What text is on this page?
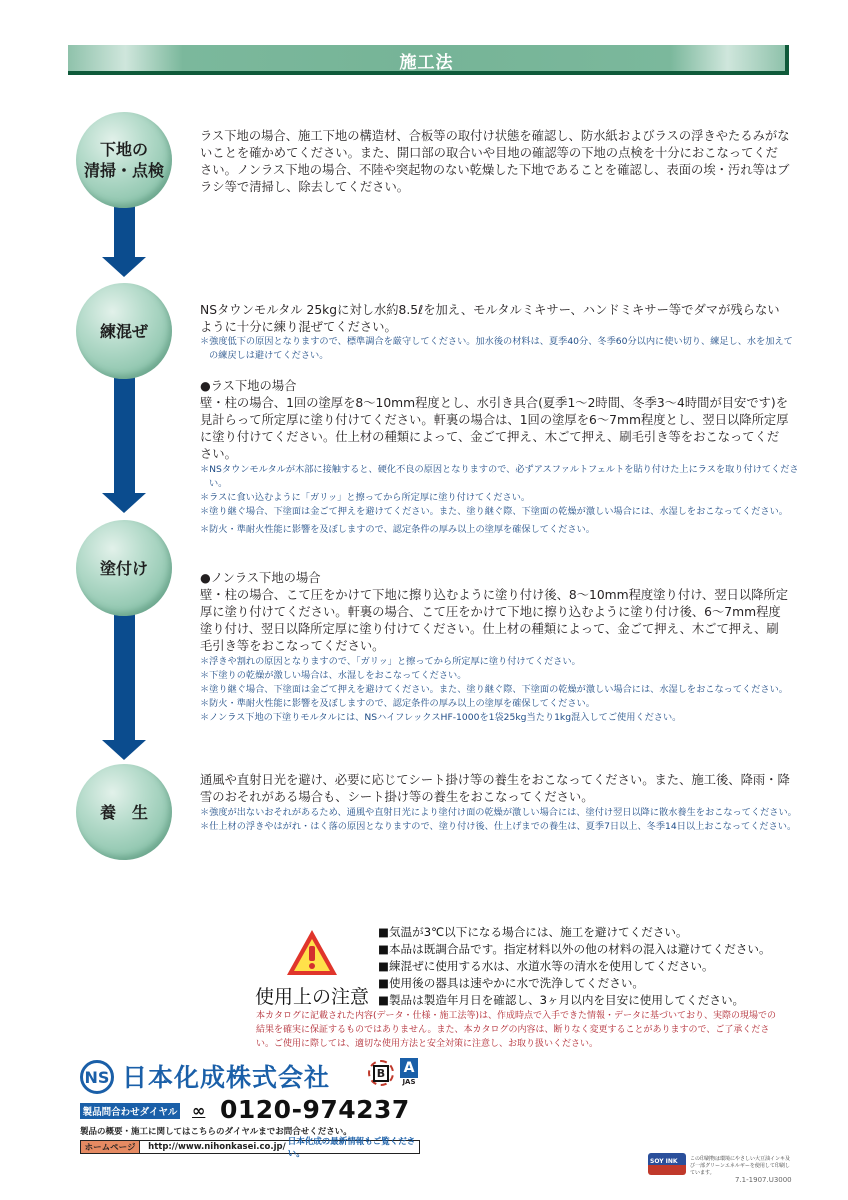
施工法
下地の
清掃・点検
ラス下地の場合、施工下地の構造材、合板等の取付け状態を確認し、防水紙およびラスの浮きやたるみがないことを確かめてください。また、開口部の取合いや目地の確認等の下地の点検を十分におこなってください。ノンラス下地の場合、不陸や突起物のない乾燥した下地であることを確認し、表面の埃・汚れ等はブラシ等で清掃し、除去してください。
練混ぜ
NSタウンモルタル 25kgに対し水約8.5ℓを加え、モルタルミキサー、ハンドミキサー等でダマが残らないように十分に練り混ぜてください。
＊強度低下の原因となりますので、標準調合を厳守してください。加水後の材料は、夏季40分、冬季60分以内に使い切り、練足し、水を加えての練戻しは避けてください。
塗付け
●ラス下地の場合
壁・柱の場合、1回の塗厚を8〜10mm程度とし、水引き具合(夏季1〜2時間、冬季3〜4時間が目安です)を見計らって所定厚に塗り付けてください。軒裏の場合は、1回の塗厚を6〜7mm程度とし、翌日以降所定厚に塗り付けてください。仕上材の種類によって、金ごて押え、木ごて押え、刷毛引き等をおこなってください。
＊NSタウンモルタルが木部に接触すると、硬化不良の原因となりますので、必ずアスファルトフェルトを貼り付けた上にラスを取り付けてください。
＊ラスに食い込むように「ガリッ」と擦ってから所定厚に塗り付けてください。
＊塗り継ぐ場合、下塗面は金ごて押えを避けてください。また、塗り継ぐ際、下塗面の乾燥が激しい場合には、水湿しをおこなってください。
＊防火・準耐火性能に影響を及ぼしますので、認定条件の厚み以上の塗厚を確保してください。
●ノンラス下地の場合
壁・柱の場合、こて圧をかけて下地に擦り込むように塗り付け後、8〜10mm程度塗り付け、翌日以降所定厚に塗り付けてください。軒裏の場合、こて圧をかけて下地に擦り込むように塗り付け後、6〜7mm程度塗り付け、翌日以降所定厚に塗り付けてください。仕上材の種類によって、金ごて押え、木ごて押え、刷毛引き等をおこなってください。
＊浮きや割れの原因となりますので、「ガリッ」と擦ってから所定厚に塗り付けてください。
＊下塗りの乾燥が激しい場合は、水湿しをおこなってください。
＊塗り継ぐ場合、下塗面は金ごて押えを避けてください。また、塗り継ぐ際、下塗面の乾燥が激しい場合には、水湿しをおこなってください。
＊防火・準耐火性能に影響を及ぼしますので、認定条件の厚み以上の塗厚を確保してください。
＊ノンラス下地の下塗りモルタルには、NSハイフレックスHF-1000を1袋25kg当たり1kg混入してご使用ください。
養　生
通風や直射日光を避け、必要に応じてシート掛け等の養生をおこなってください。また、施工後、降雨・降雪のおそれがある場合も、シート掛け等の養生をおこなってください。
＊強度が出ないおそれがあるため、通風や直射日光により塗付け面の乾燥が激しい場合には、塗付け翌日以降に散水養生をおこなってください。
＊仕上材の浮きやはがれ・はく落の原因となりますので、塗り付け後、仕上げまでの養生は、夏季7日以上、冬季14日以上おこなってください。
使用上の注意
■気温が3℃以下になる場合には、施工を避けてください。
■本品は既調合品です。指定材料以外の他の材料の混入は避けてください。
■練混ぜに使用する水は、水道水等の清水を使用してください。
■使用後の器具は速やかに水で洗浄してください。
■製品は製造年月日を確認し、3ヶ月以内を目安に使用してください。
本カタログに記載された内容(データ・仕様・施工法等)は、作成時点で入手できた情報・データに基づいており、実際の現場での結果を確実に保証するものではありません。また、本カタログの内容は、断りなく変更することがありますので、ご了承ください。ご使用に際しては、適切な使用方法と安全対策に注意し、お取り扱いください。
NS 日本化成株式会社	B A
JAS
製品問合わせダイヤル ∞ 0120-974237
製品の概要・施工に関してはこちらのダイヤルまでお問合せください。
ホームページ	http://www.nihonkasei.co.jp/ 日本化成の最新情報もご覧ください。
SOY INK この印刷物は環境にやさしい大豆油インキ及び一部グリーンエネルギーを使用して印刷しています。
7.1-1907.U3000
